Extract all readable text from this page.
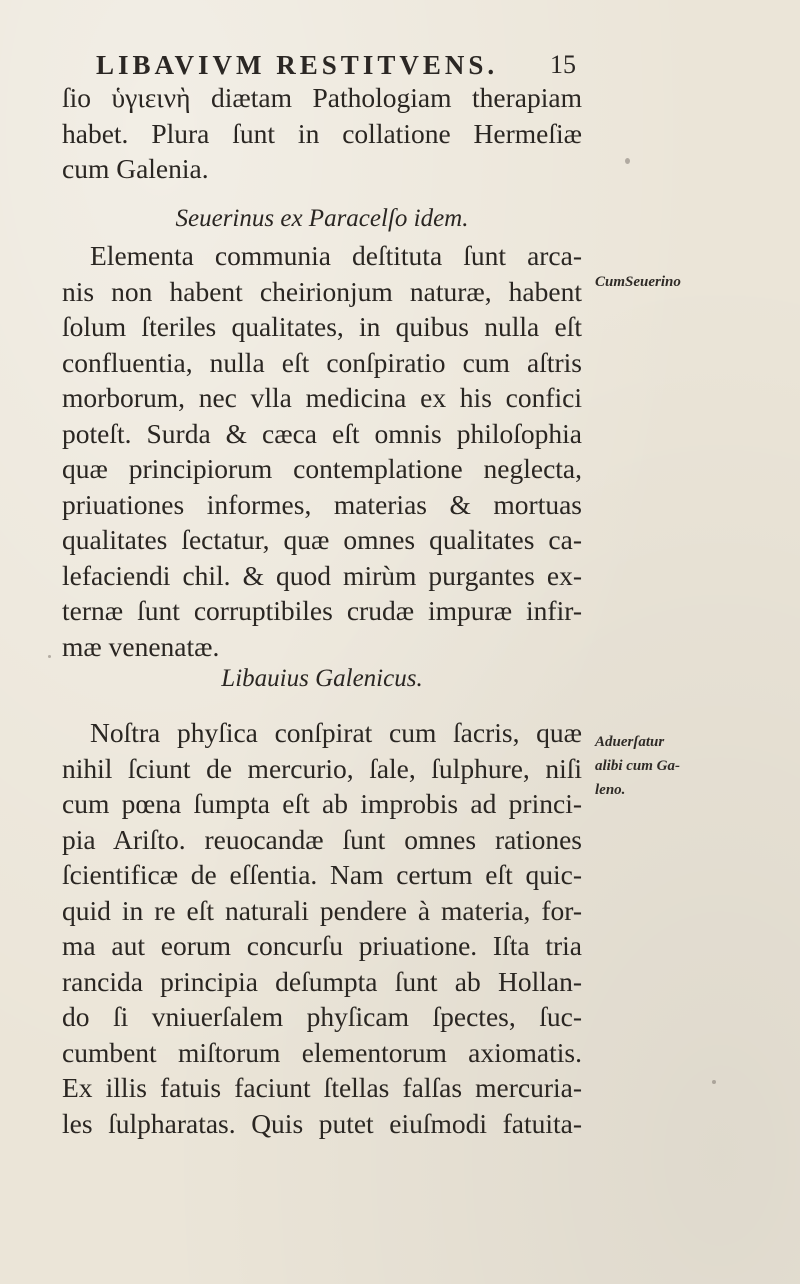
LIBAVIVM RESTITVENS. 15
ſio ὑγιεινὴ diætam Pathologiam therapiam
habet. Plura ſunt in collatione Hermeſiæ
cum Galenia.
Seuerinus ex Paracelſo idem.
Elementa communia deſtituta ſunt arca-
nis non habent cheirionjum naturæ, habent
ſolum ſteriles qualitates, in quibus nulla eſt
confluentia, nulla eſt conſpiratio cum aſtris
morborum, nec vlla medicina ex his confici
poteſt. Surda & cæca eſt omnis philoſophia
quæ principiorum contemplatione neglecta,
priuationes informes, materias & mortuas
qualitates ſectatur, quæ omnes qualitates ca-
lefaciendi chil. & quod mirùm purgantes ex-
ternæ ſunt corruptibiles crudæ impuræ infir-
mæ venenatæ.
CumSeuerino
Libauius Galenicus.
Noſtra phyſica conſpirat cum ſacris, quæ
nihil ſciunt de mercurio, ſale, ſulphure, niſi
cum pœna ſumpta eſt ab improbis ad princi-
pia Ariſto. reuocandæ ſunt omnes rationes
ſcientificæ de eſſentia. Nam certum eſt quic-
quid in re eſt naturali pendere à materia, for-
ma aut eorum concurſu priuatione. Iſta tria
rancida principia deſumpta ſunt ab Hollan-
do ſi vniuerſalem phyſicam ſpectes, ſuc-
cumbent miſtorum elementorum axiomatis.
Ex illis fatuis faciunt ſtellas falſas mercuria-
les ſulpharatas. Quis putet eiuſmodi fatuita-
Aduerſatur
alibi cum Ga-
leno.
